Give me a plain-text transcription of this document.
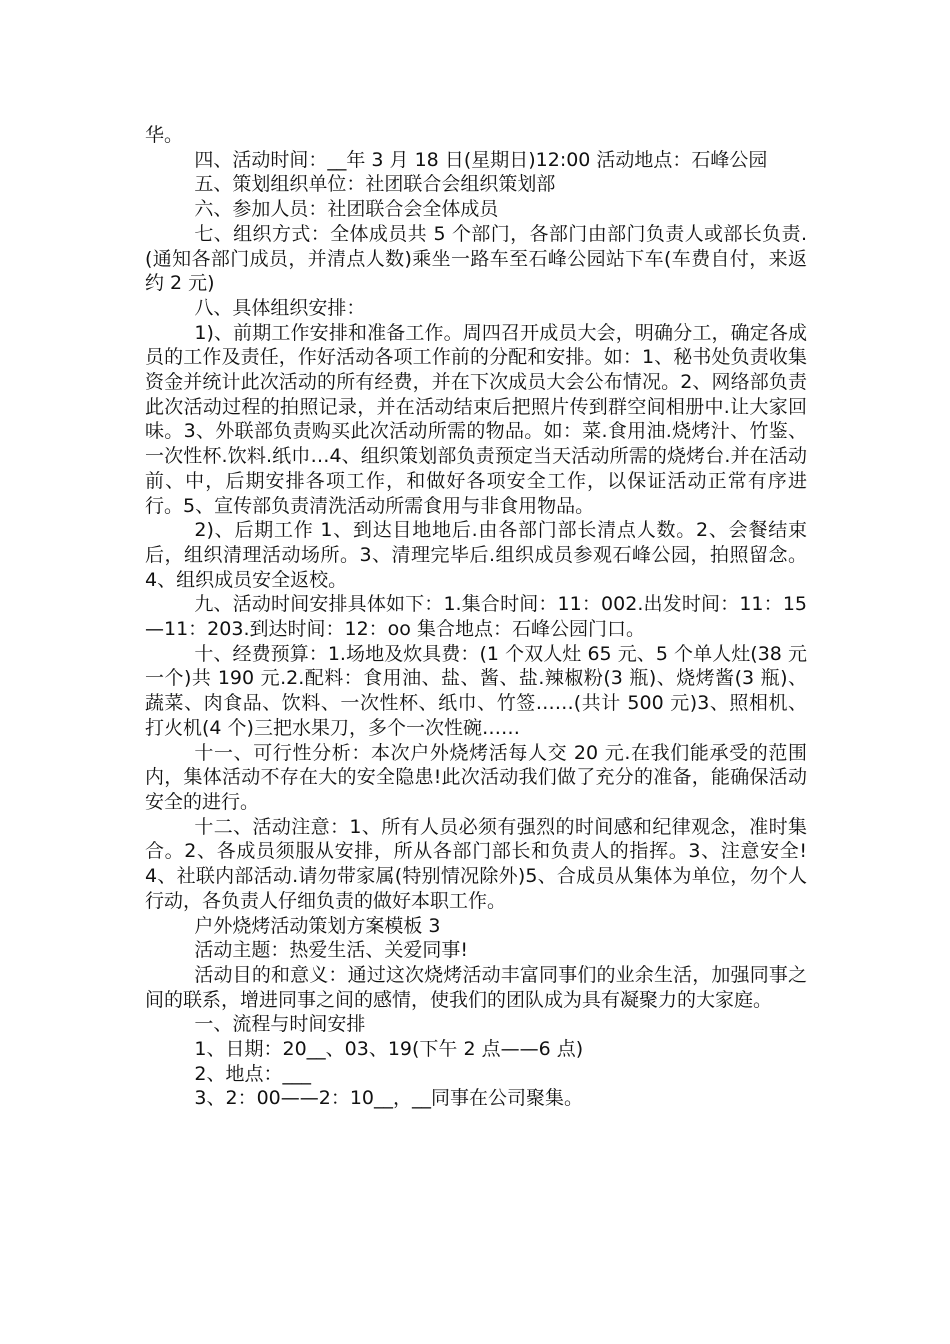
华。

四、活动时间：__年 3 月 18 日(星期日)12:00 活动地点：石峰公园

五、策划组织单位：社团联合会组织策划部

六、参加人员：社团联合会全体成员

七、组织方式：全体成员共 5 个部门，各部门由部门负责人或部长负责.(通知各部门成员，并清点人数)乘坐一路车至石峰公园站下车(车费自付，来返约 2 元)

八、具体组织安排：

1)、前期工作安排和准备工作。周四召开成员大会，明确分工，确定各成员的工作及责任，作好活动各项工作前的分配和安排。如：1、秘书处负责收集资金并统计此次活动的所有经费，并在下次成员大会公布情况。2、网络部负责此次活动过程的拍照记录，并在活动结束后把照片传到群空间相册中.让大家回味。3、外联部负责购买此次活动所需的物品。如：菜.食用油.烧烤汁、竹鉴、一次性杯.饮料.纸巾…4、组织策划部负责预定当天活动所需的烧烤台.并在活动前、中，后期安排各项工作，和做好各项安全工作，以保证活动正常有序进行。5、宣传部负责清洗活动所需食用与非食用物品。

2)、后期工作 1、到达目地地后.由各部门部长清点人数。2、会餐结束后，组织清理活动场所。3、清理完毕后.组织成员参观石峰公园，拍照留念。4、组织成员安全返校。

九、活动时间安排具体如下：1.集合时间：11：002.出发时间：11：15—11：203.到达时间：12：oo 集合地点：石峰公园门口。

十、经费预算：1.场地及炊具费：(1 个双人灶 65 元、5 个单人灶(38 元一个)共 190 元.2.配料：食用油、盐、酱、盐.辣椒粉(3 瓶)、烧烤酱(3 瓶)、蔬菜、肉食品、饮料、一次性杯、纸巾、竹签……(共计 500 元)3、照相机、打火机(4 个)三把水果刀，多个一次性碗……

十一、可行性分析：本次户外烧烤活每人交 20 元.在我们能承受的范围内，集体活动不存在大的安全隐患!此次活动我们做了充分的准备，能确保活动安全的进行。

十二、活动注意：1、所有人员必须有强烈的时间感和纪律观念，准时集合。2、各成员须服从安排，所从各部门部长和负责人的指挥。3、注意安全!4、社联内部活动.请勿带家属(特别情况除外)5、合成员从集体为单位，勿个人行动，各负责人仔细负责的做好本职工作。

户外烧烤活动策划方案模板 3

活动主题：热爱生活、关爱同事!

活动目的和意义：通过这次烧烤活动丰富同事们的业余生活，加强同事之间的联系，增进同事之间的感情，使我们的团队成为具有凝聚力的大家庭。

一、流程与时间安排

1、日期：20__、03、19(下午 2 点——6 点)

2、地点：___

3、2：00——2：10__，__同事在公司聚集。
